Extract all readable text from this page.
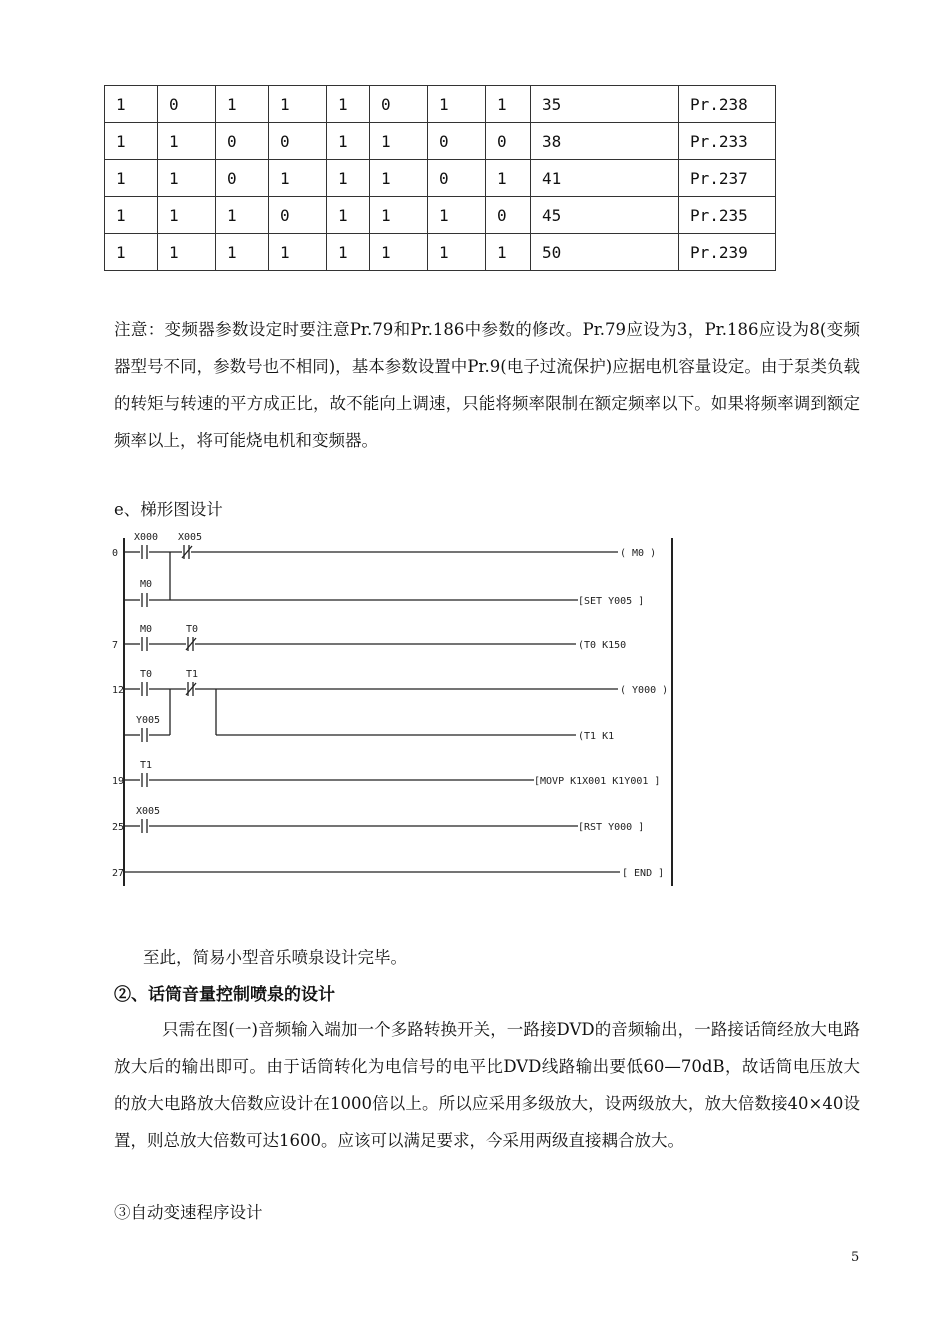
1	0	1	1	1	0	1	1	35	Pr.238
1	1	0	0	1	1	0	0	38	Pr.233
1	1	0	1	1	1	0	1	41	Pr.237
1	1	1	0	1	1	1	0	45	Pr.235
1	1	1	1	1	1	1	1	50	Pr.239
注意：变频器参数设定时要注意Pr.79和Pr.186中参数的修改。Pr.79应设为3，Pr.186应设为8(变频器型号不同，参数号也不相同)，基本参数设置中Pr.9(电子过流保护)应据电机容量设定。由于泵类负载的转矩与转速的平方成正比，故不能向上调速，只能将频率限制在额定频率以下。如果将频率调到额定频率以上，将可能烧电机和变频器。
e、梯形图设计
0
7
12
19
25
27
X000 X005
( M0 )
M0
[SET Y005 ]
M0	T0
(T0 K150
T0	T1
( Y000 )
Y005
(T1 K1
T1
[MOVP K1X001 K1Y001 ]
X005
[RST Y000 ]
[ END ]
至此，简易小型音乐喷泉设计完毕。
②、话筒音量控制喷泉的设计
只需在图(一)音频输入端加一个多路转换开关，一路接DVD的音频输出，一路接话筒经放大电路放大后的输出即可。由于话筒转化为电信号的电平比DVD线路输出要低60—70dB，故话筒电压放大的放大电路放大倍数应设计在1000倍以上。所以应采用多级放大，设两级放大，放大倍数接40×40设置，则总放大倍数可达1600。应该可以满足要求，今采用两级直接耦合放大。
③自动变速程序设计
5
